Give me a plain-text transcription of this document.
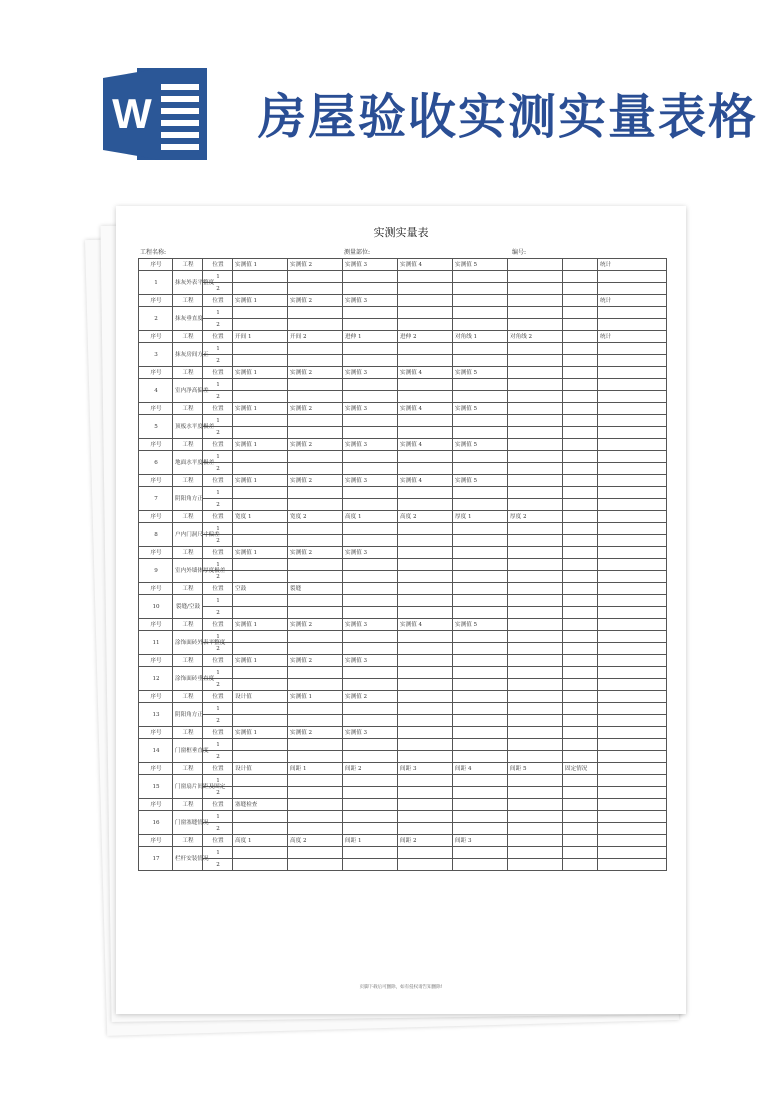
W 房屋验收实测实量表格
实测实量表
工程名称:	测量部位:	编号:
序号	工程	位置	实测值 1	实测值 2	实测值 3	实测值 4	实测值 5			统计
1	抹灰外表平整度	1								
		2								
序号	工程	位置	实测值 1	实测值 2	实测值 3					统计
2	抹灰垂直度	1								
		2								
序号	工程	位置	开间 1	开间 2	进伸 1	进伸 2	对角线 1	对角线 2		统计
3	抹灰房间方正	1								
		2								
序号	工程	位置	实测值 1	实测值 2	实测值 3	实测值 4	实测值 5			
4	室内净高偏差	1								
		2								
序号	工程	位置	实测值 1	实测值 2	实测值 3	实测值 4	实测值 5			
5	顶板水平度极差	1								
		2								
序号	工程	位置	实测值 1	实测值 2	实测值 3	实测值 4	实测值 5			
6	地面水平度极差	1								
		2								
序号	工程	位置	实测值 1	实测值 2	实测值 3	实测值 4	实测值 5			
7	阴阳角方正	1								
		2								
序号	工程	位置	宽度 1	宽度 2	高度 1	高度 2	厚度 1	厚度 2		
8	户内门洞尺寸偏差	1								
		2								
序号	工程	位置	实测值 1	实测值 2	实测值 3					
9	室内外墙体厚度极差	1								
		2								
序号	工程	位置	空鼓	裂缝						
10	裂缝/空鼓	1								
		2								
序号	工程	位置	实测值 1	实测值 2	实测值 3	实测值 4	实测值 5			
11	涂饰面砖外表平整度	1								
		2								
序号	工程	位置	实测值 1	实测值 2	实测值 3					
12	涂饰面砖垂直度	1								
		2								
序号	工程	位置	设计值	实测值 1	实测值 2					
13	阴阳角方正	1								
		2								
序号	工程	位置	实测值 1	实测值 2	实测值 3					
14	门窗框垂直度	1								
		2								
序号	工程	位置	设计值	间距 1	间距 2	间距 3	间距 4	间距 5	固定情况	
15	门窗扇片间距及固定	1								
		2								
序号	工程	位置	塞缝检查							
16	门窗塞缝情况	1								
		2								
序号	工程	位置	高度 1	高度 2	间距 1	间距 2	间距 3			
17	栏杆安装情况	1								
		2								
页脚下载后可删除，如有侵权请告知删除!
